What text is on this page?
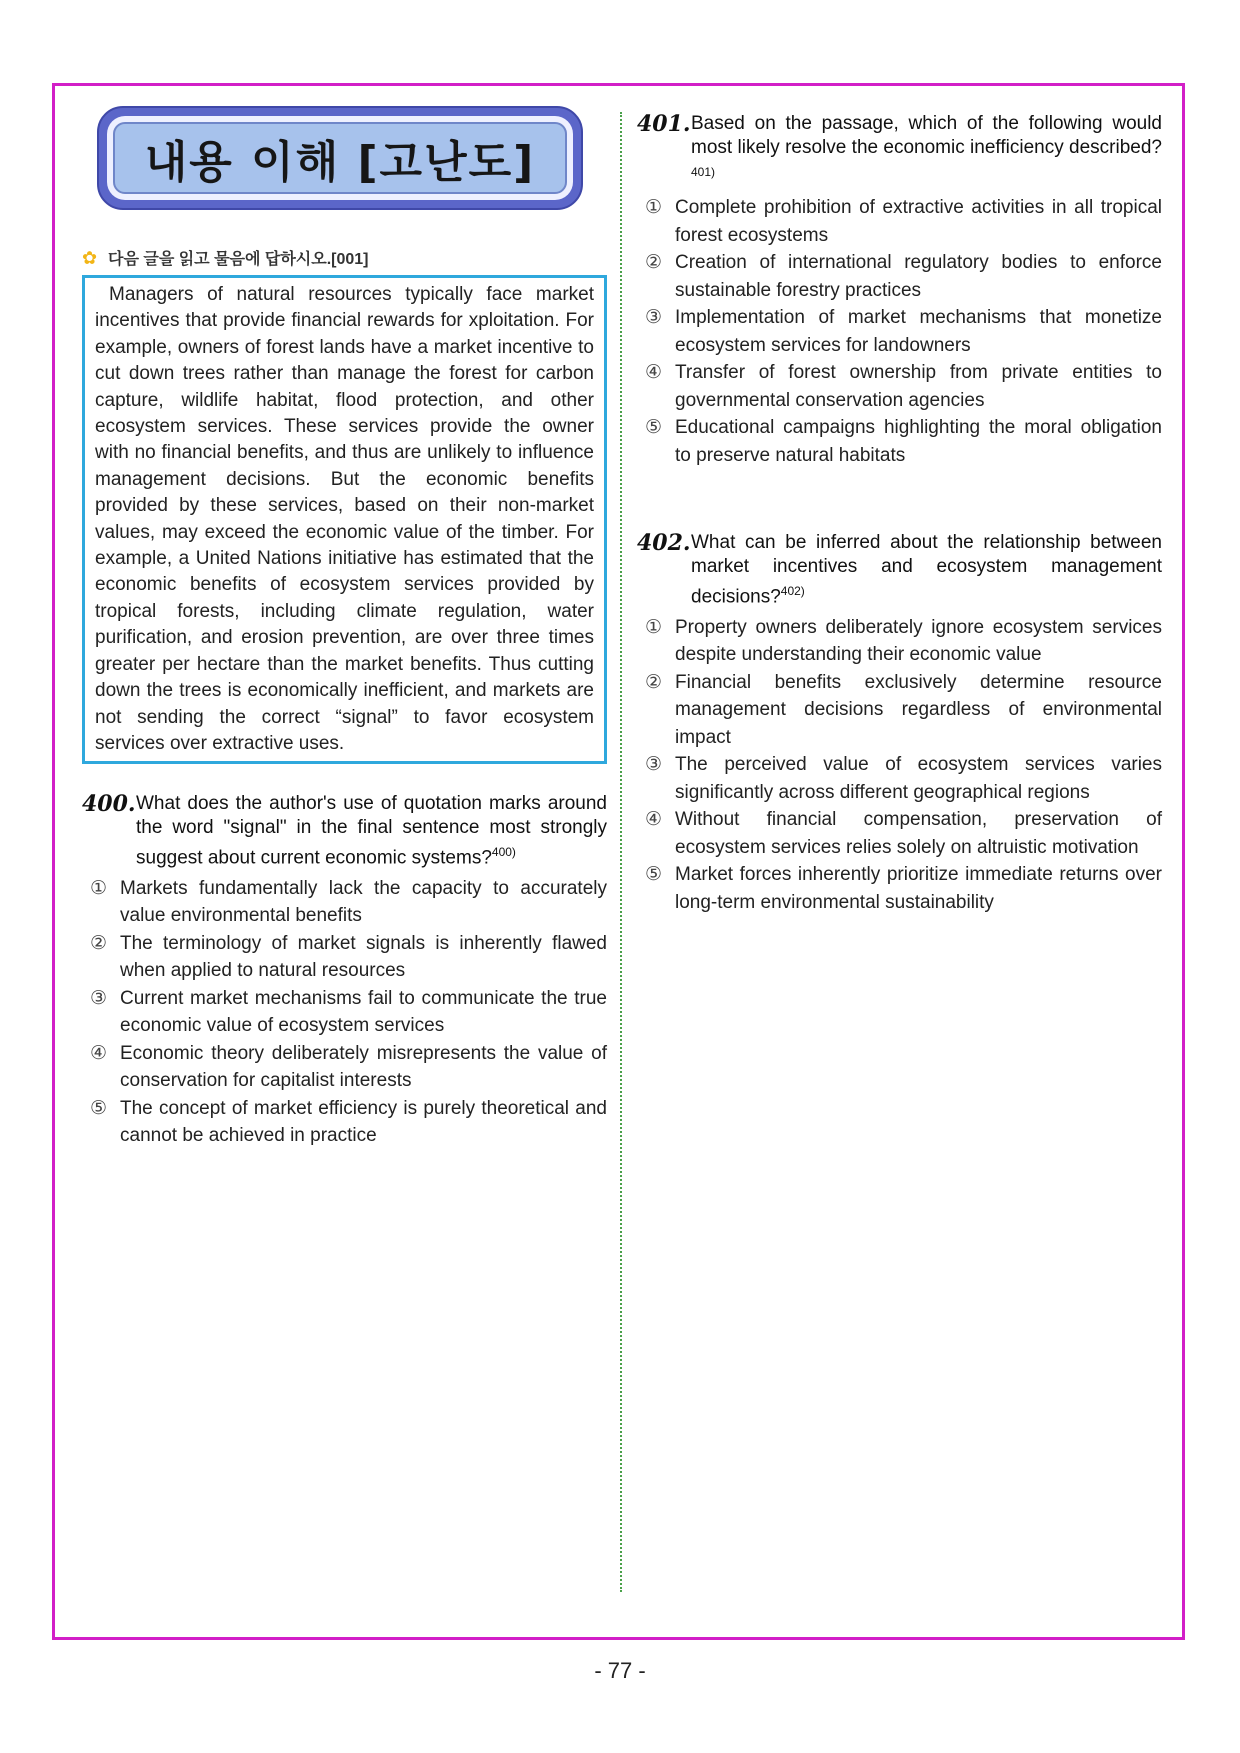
내용 이해 [고난도]
✿ 다음 글을 읽고 물음에 답하시오.[001]

Managers of natural resources typically face market incentives that provide financial rewards for xploitation. For example, owners of forest lands have a market incentive to cut down trees rather than manage the forest for carbon capture, wildlife habitat, flood protection, and other ecosystem services. These services provide the owner with no financial benefits, and thus are unlikely to influence management decisions. But the economic benefits provided by these services, based on their non-market values, may exceed the economic value of the timber. For example, a United Nations initiative has estimated that the economic benefits of ecosystem services provided by tropical forests, including climate regulation, water purification, and erosion prevention, are over three times greater per hectare than the market benefits. Thus cutting down the trees is economically inefficient, and markets are not sending the correct “signal” to favor ecosystem services over extractive uses.

400. What does the author's use of quotation marks around the word "signal" in the final sentence most strongly suggest about current economic systems?$^{400)}$
① Markets fundamentally lack the capacity to accurately value environmental benefits
② The terminology of market signals is inherently flawed when applied to natural resources
③ Current market mechanisms fail to communicate the true economic value of ecosystem services
④ Economic theory deliberately misrepresents the value of conservation for capitalist interests
⑤ The concept of market efficiency is purely theoretical and cannot be achieved in practice
401. Based on the passage, which of the following would most likely resolve the economic inefficiency described?$^{401)}$
① Complete prohibition of extractive activities in all tropical forest ecosystems
② Creation of international regulatory bodies to enforce sustainable forestry practices
③ Implementation of market mechanisms that monetize ecosystem services for landowners
④ Transfer of forest ownership from private entities to governmental conservation agencies
⑤ Educational campaigns highlighting the moral obligation to preserve natural habitats
402. What can be inferred about the relationship between market incentives and ecosystem management decisions?$^{402)}$
① Property owners deliberately ignore ecosystem services despite understanding their economic value
② Financial benefits exclusively determine resource management decisions regardless of environmental impact
③ The perceived value of ecosystem services varies significantly across different geographical regions
④ Without financial compensation, preservation of ecosystem services relies solely on altruistic motivation
⑤ Market forces inherently prioritize immediate returns over long-term environmental sustainability
- 77 -
